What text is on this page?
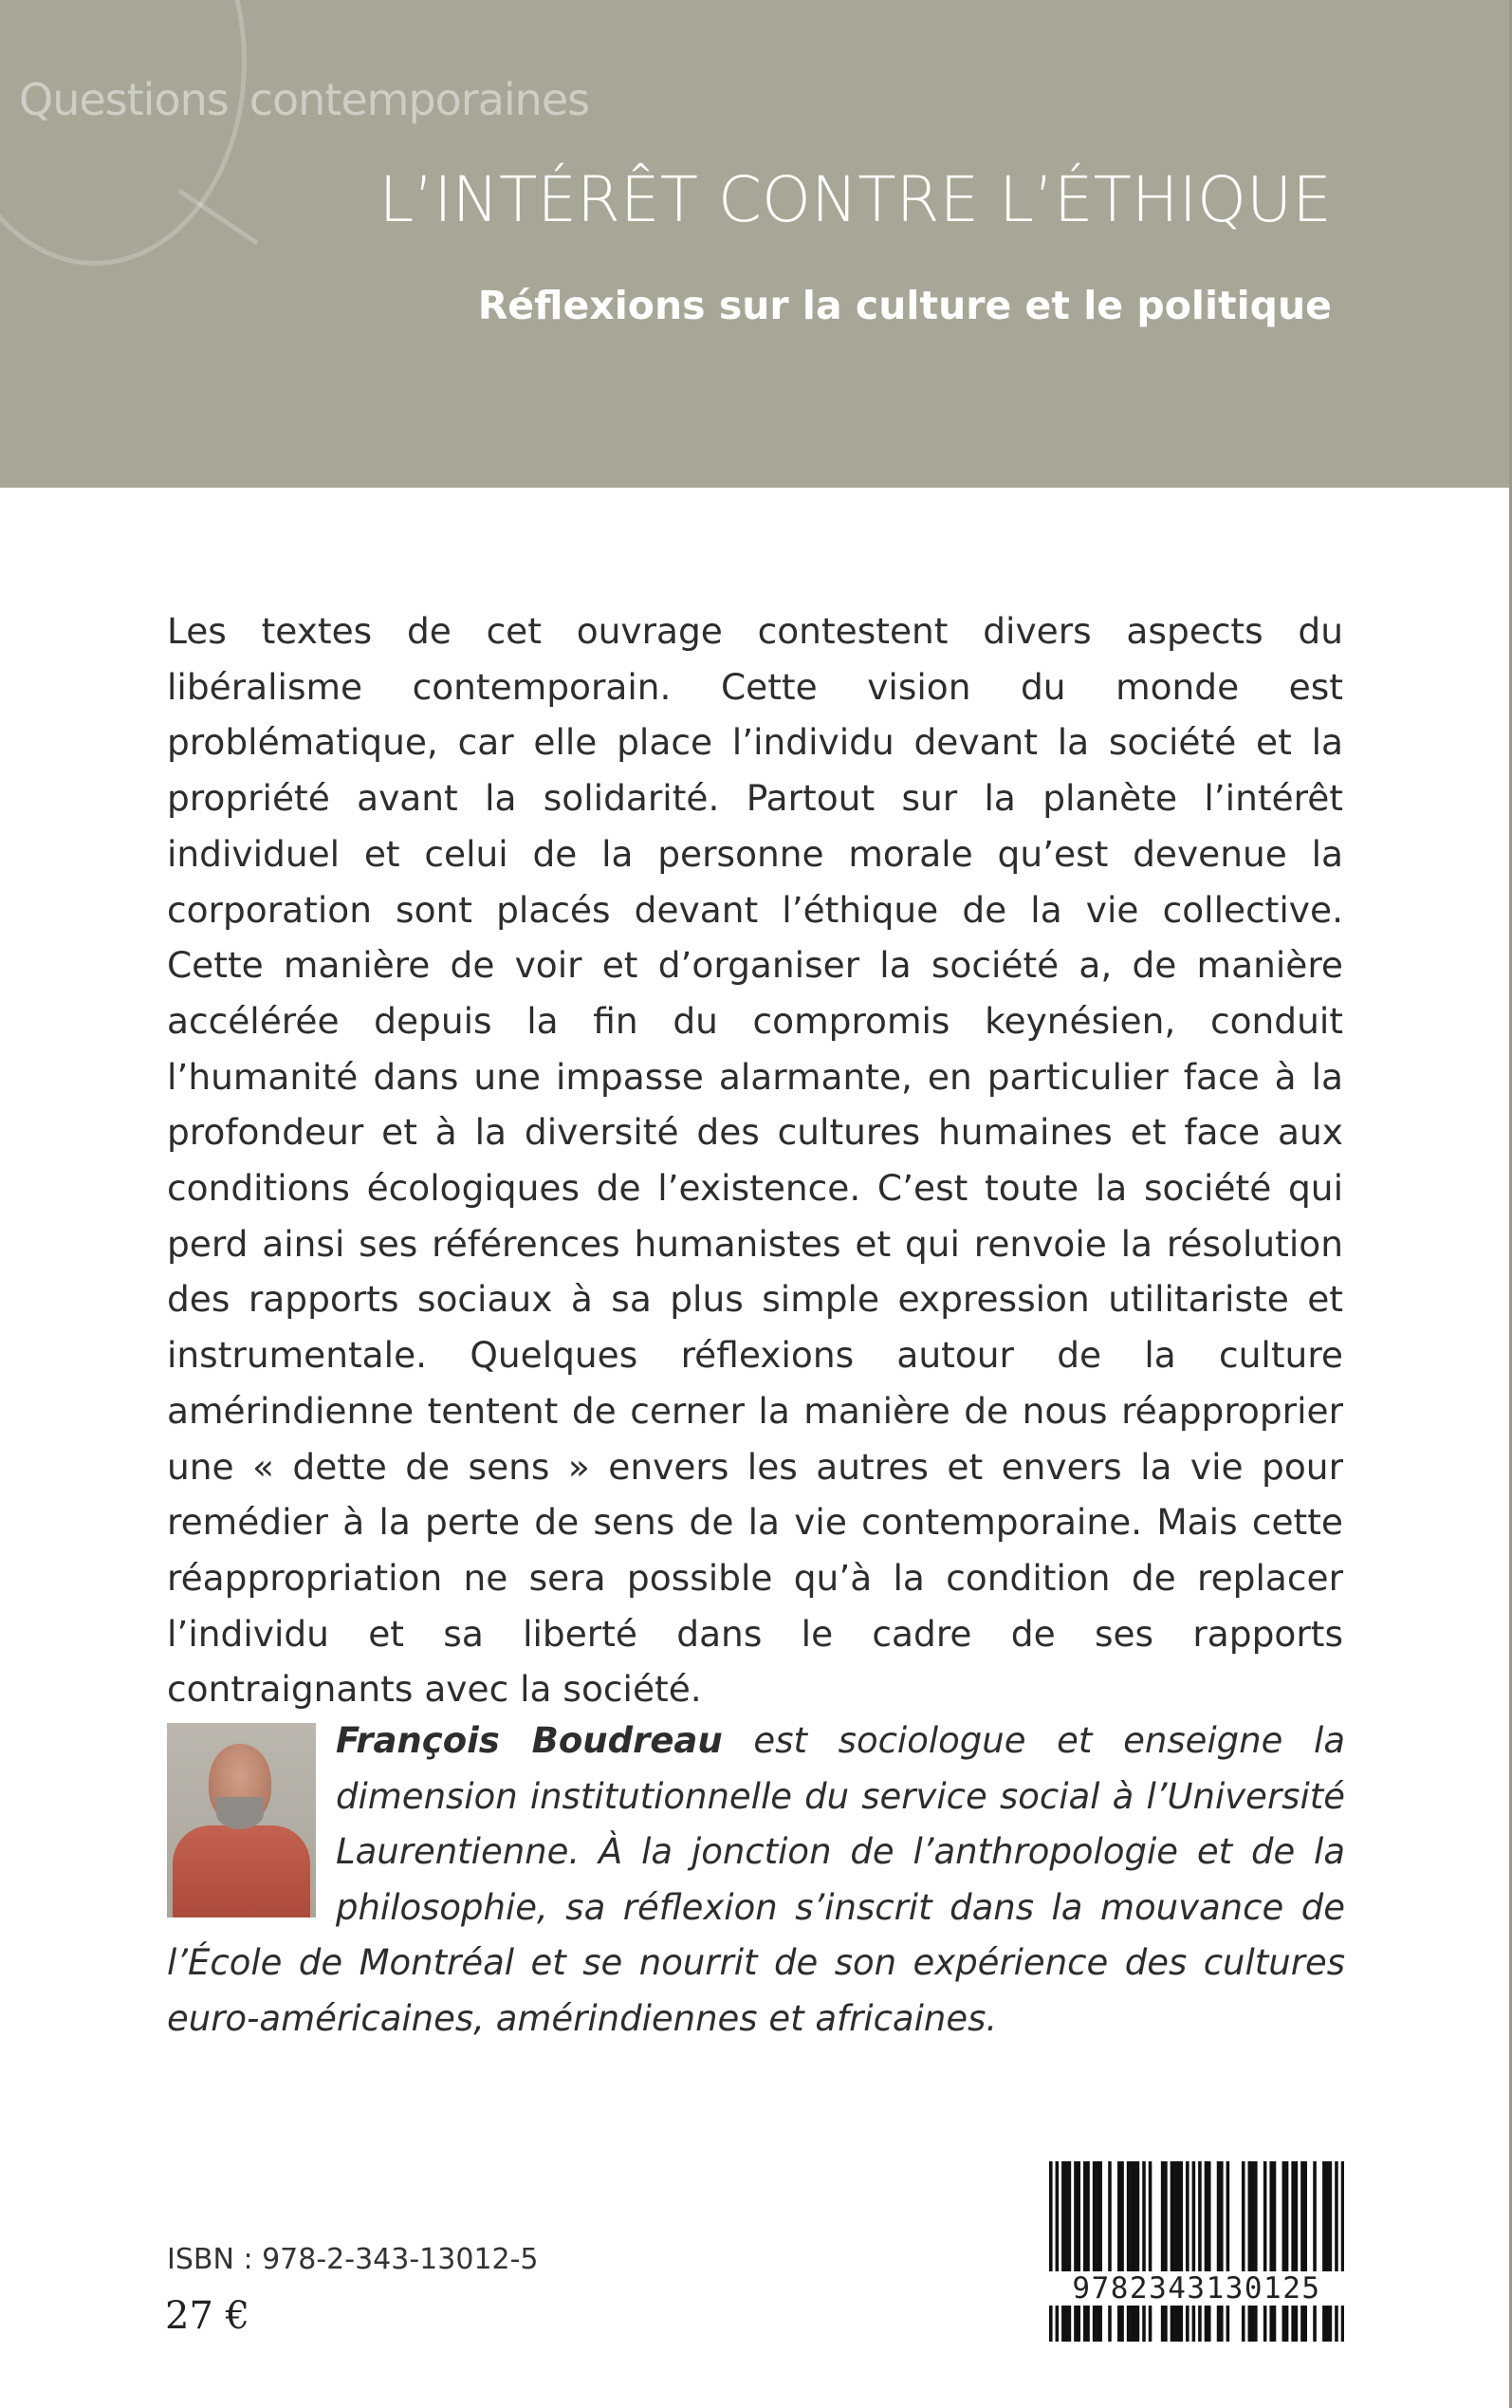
Questions contemporaines
L’INTÉRÊT CONTRE L’ÉTHIQUE
Réflexions sur la culture et le politique

Les textes de cet ouvrage contestent divers aspects du libéralisme contemporain. Cette vision du monde est problématique, car elle place l’individu devant la société et la propriété avant la solidarité. Partout sur la planète l’intérêt individuel et celui de la personne morale qu’est devenue la corporation sont placés devant l’éthique de la vie collective. Cette manière de voir et d’organiser la société a, de manière accélérée depuis la fin du compromis keynésien, conduit l’humanité dans une impasse alarmante, en particulier face à la profondeur et à la diversité des cultures humaines et face aux conditions écologiques de l’existence. C’est toute la société qui perd ainsi ses références humanistes et qui renvoie la résolution des rapports sociaux à sa plus simple expression utilitariste et instrumentale. Quelques réflexions autour de la culture amérindienne tentent de cerner la manière de nous réapproprier une « dette de sens » envers les autres et envers la vie pour remédier à la perte de sens de la vie contemporaine. Mais cette réappropriation ne sera possible qu’à la condition de replacer l’individu et sa liberté dans le cadre de ses rapports contraignants avec la société.

François Boudreau est sociologue et enseigne la dimension institutionnelle du service social à l’Université Laurentienne. À la jonction de l’anthropologie et de la philosophie, sa réflexion s’inscrit dans la mouvance de l’École de Montréal et se nourrit de son expérience des cultures euro-américaines, amérindiennes et africaines.

9782343130125
ISBN : 978-2-343-13012-5
27 €
